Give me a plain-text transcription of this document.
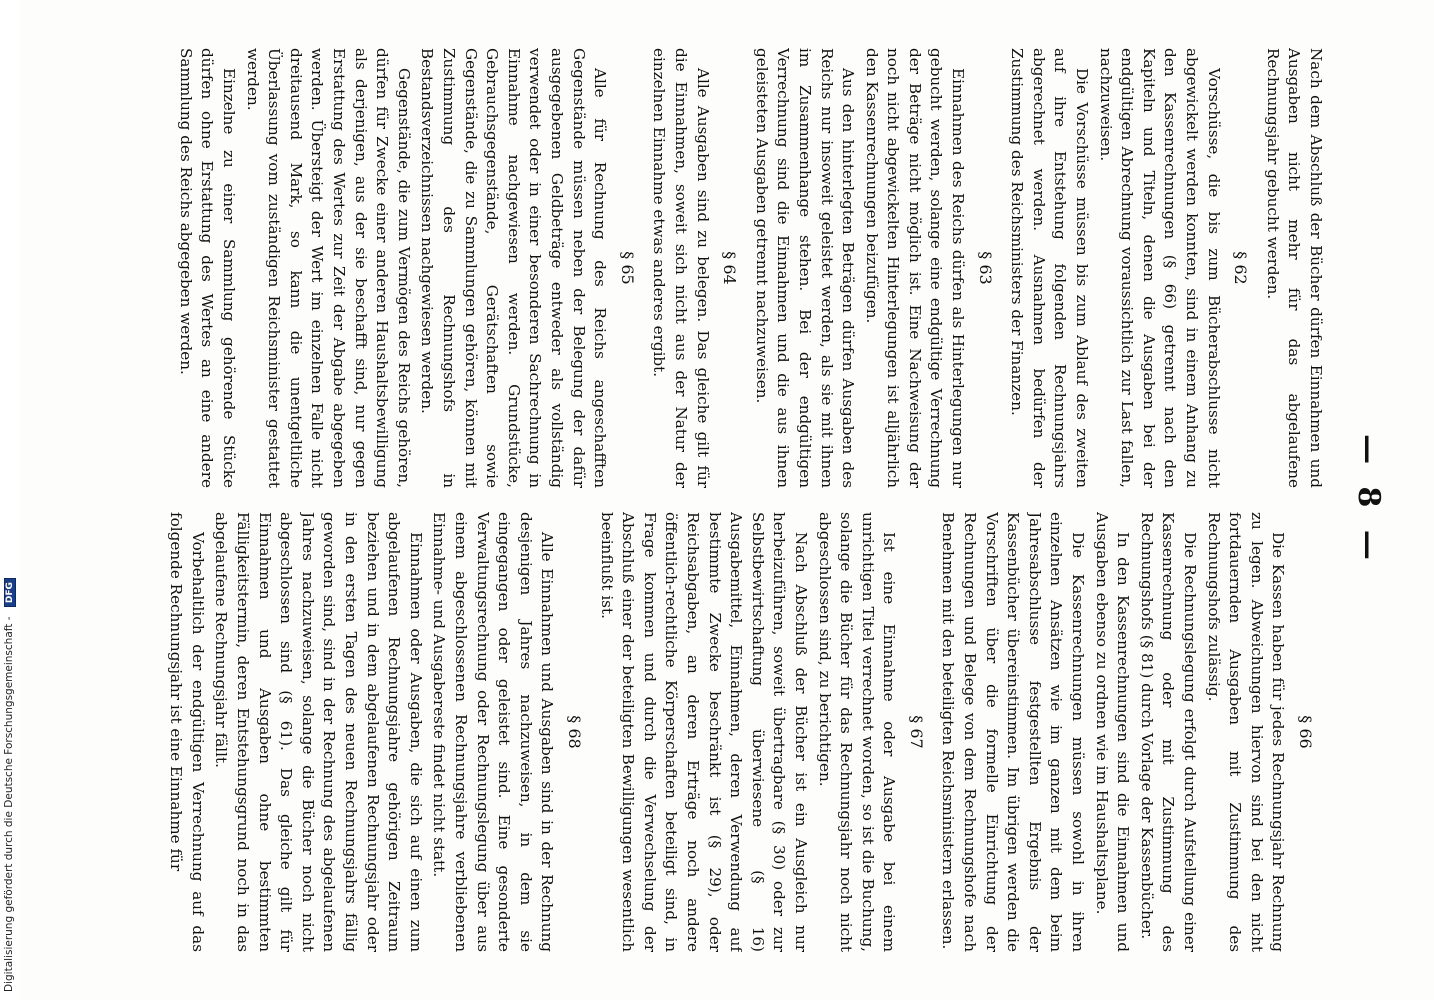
— 8 —

Nach dem Abschluß der Bücher dürfen Einnahmen und Ausgaben nicht mehr für das abgelaufene Rechnungsjahr gebucht werden.

§ 62

Vorschüsse, die bis zum Bücherabschlusse nicht abgewickelt werden konnten, sind in einem Anhang zu den Kassenrechnungen (§ 66) getrennt nach den Kapiteln und Titeln, denen die Ausgaben bei der endgültigen Abrechnung voraussichtlich zur Last fallen, nachzuweisen.

Die Vorschüsse müssen bis zum Ablauf des zweiten auf ihre Entstehung folgenden Rechnungsjahrs abgerechnet werden. Ausnahmen bedürfen der Zustimmung des Reichsministers der Finanzen.

§ 63

Einnahmen des Reichs dürfen als Hinterlegungen nur gebucht werden, solange eine endgültige Verrechnung der Beträge nicht möglich ist. Eine Nachweisung der noch nicht abgewickelten Hinterlegungen ist alljährlich den Kassenrechnungen beizufügen.

Aus den hinterlegten Beträgen dürfen Ausgaben des Reichs nur insoweit geleistet werden, als sie mit ihnen im Zusammenhange stehen. Bei der endgültigen Verrechnung sind die Einnahmen und die aus ihnen geleisteten Ausgaben getrennt nachzuweisen.

§ 64

Alle Ausgaben sind zu belegen. Das gleiche gilt für die Einnahmen, soweit sich nicht aus der Natur der einzelnen Einnahme etwas anderes ergibt.

§ 65

Alle für Rechnung des Reichs angeschafften Gegenstände müssen neben der Belegung der dafür ausgegebenen Geldbeträge entweder als vollständig verwendet oder in einer besonderen Sachrechnung in Einnahme nachgewiesen werden. Grundstücke, Gebrauchsgegenstände, Gerätschaften sowie Gegenstände, die zu Sammlungen gehören, können mit Zustimmung des Rechnungshofs in Bestandsverzeichnissen nachgewiesen werden.

Gegenstände, die zum Vermögen des Reichs gehören, dürfen für Zwecke einer anderen Haushaltsbewilligung als derjenigen, aus der sie beschafft sind, nur gegen Erstattung des Wertes zur Zeit der Abgabe abgegeben werden. Übersteigt der Wert im einzelnen Falle nicht dreitausend Mark, so kann die unentgeltliche Überlassung vom zuständigen Reichsminister gestattet werden.

Einzelne zu einer Sammlung gehörende Stücke dürfen ohne Erstattung des Wertes an eine andere Sammlung des Reichs abgegeben werden.

§ 66

Die Kassen haben für jedes Rechnungsjahr Rechnung zu legen. Abweichungen hiervon sind bei den nicht fortdauernden Ausgaben mit Zustimmung des Rechnungshofs zulässig.

Die Rechnungslegung erfolgt durch Aufstellung einer Kassenrechnung oder mit Zustimmung des Rechnungshofs (§ 81) durch Vorlage der Kassenbücher.

In den Kassenrechnungen sind die Einnahmen und Ausgaben ebenso zu ordnen wie im Haushaltsplane.

Die Kassenrechnungen müssen sowohl in ihren einzelnen Ansätzen wie im ganzen mit dem beim Jahresabschlusse festgestellten Ergebnis der Kassenbücher übereinstimmen. Im übrigen werden die Vorschriften über die formelle Einrichtung der Rechnungen und Belege von dem Rechnungshofe nach Benehmen mit den beteiligten Reichsministern erlassen.

§ 67

Ist eine Einnahme oder Ausgabe bei einem unrichtigen Titel verrechnet worden, so ist die Buchung, solange die Bücher für das Rechnungsjahr noch nicht abgeschlossen sind, zu berichtigen.

Nach Abschluß der Bücher ist ein Ausgleich nur herbeizuführen, soweit übertragbare (§ 30) oder zur Selbstbewirtschaftung überwiesene (§ 16) Ausgabemittel, Einnahmen, deren Verwendung auf bestimmte Zwecke beschränkt ist (§ 29), oder Reichsabgaben, an deren Erträge noch andere öffentlich-rechtliche Körperschaften beteiligt sind, in Frage kommen und durch die Verwechselung der Abschluß einer der beteiligten Bewilligungen wesentlich beeinflußt ist.

§ 68

Alle Einnahmen und Ausgaben sind in der Rechnung desjenigen Jahres nachzuweisen, in dem sie eingegangen oder geleistet sind. Eine gesonderte Verwaltungsrechnung oder Rechnungslegung über aus einem abgeschlossenen Rechnungsjahre verbliebenen Einnahme- und Ausgabereste findet nicht statt.

Einnahmen oder Ausgaben, die sich auf einen zum abgelaufenen Rechnungsjahre gehörigen Zeitraum beziehen und in dem abgelaufenen Rechnungsjahr oder in den ersten Tagen des neuen Rechnungsjahrs fällig geworden sind, sind in der Rechnung des abgelaufenen Jahres nachzuweisen, solange die Bücher noch nicht abgeschlossen sind (§ 61). Das gleiche gilt für Einnahmen und Ausgaben ohne bestimmten Fälligkeitstermin, deren Entstehungsgrund noch in das abgelaufene Rechnungsjahr fällt.

Vorbehaltlich der endgültigen Verrechnung auf das folgende Rechnungsjahr ist eine Einnahme für

Digitalisierung gefördert durch die Deutsche Forschungsgemeinschaft - DFG
